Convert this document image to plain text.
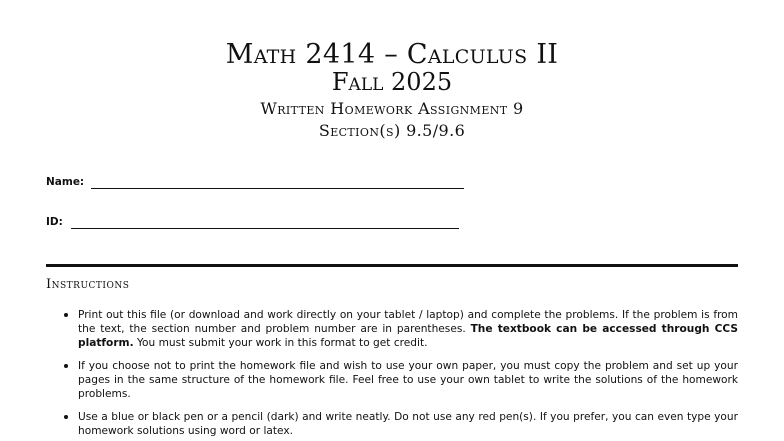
Math 2414 – Calculus II
Fall 2025
Written Homework Assignment 9
Section(s) 9.5/9.6
Name:
ID:
Instructions

Print out this file (or download and work directly on your tablet / laptop) and complete the problems. If the problem is from the text, the section number and problem number are in parentheses. The textbook can be accessed through CCS platform. You must submit your work in this format to get credit.

If you choose not to print the homework file and wish to use your own paper, you must copy the problem and set up your pages in the same structure of the homework file. Feel free to use your own tablet to write the solutions of the homework problems.

Use a blue or black pen or a pencil (dark) and write neatly. Do not use any red pen(s). If you prefer, you can even type your homework solutions using word or latex.
